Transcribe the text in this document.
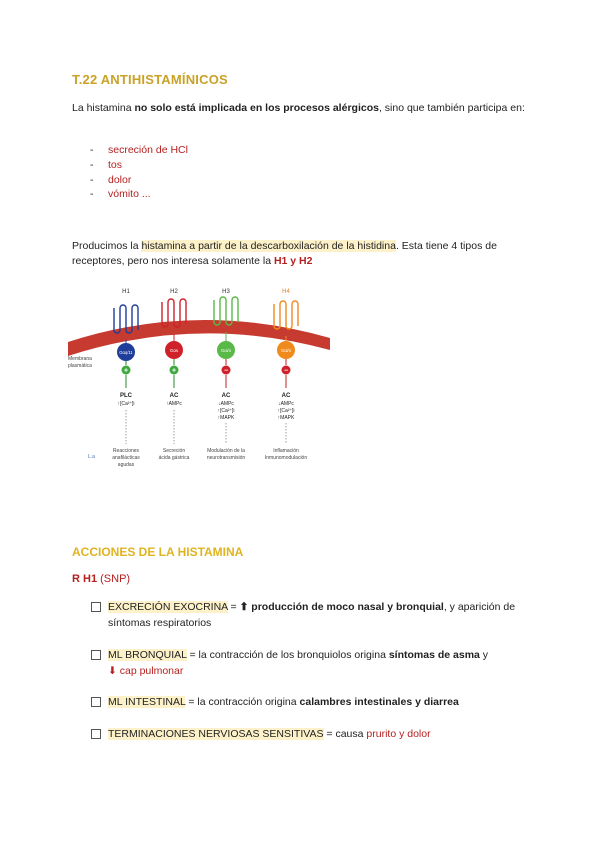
T.22 ANTIHISTAMÍNICOS
La histamina no solo está implicada en los procesos alérgicos, sino que también participa en:
- secreción de HCl
- tos
- dolor
- vómito ...
Producimos la histamina a partir de la descarboxilación de la histidina. Esta tiene 4 tipos de receptores, pero nos interesa solamente la H1 y H2
Membrana
plasmática
L.a
H1
Gαq/11
+
PLC
↑[Ca²⁺]i
Reacciones
anafilácticas
agudas
H2
Gαs
+
AC
↑AMPc
Secreción
ácida gástrica
H3
Gαi/o
−
AC
↓AMPc
↑[Ca²⁺]i
↑MAPK
Modulación de la
neurotransmisión
H4
Gαi/o
−
AC
↓AMPc
↑[Ca²⁺]i
↑MAPK
Inflamación
Inmunomodulación
ACCIONES DE LA HISTAMINA
R H1 (SNP)
EXCRECIÓN EXOCRINA = ⬆ producción de moco nasal y bronquial, y aparición de síntomas respiratorios
ML BRONQUIAL = la contracción de los bronquiolos origina síntomas de asma y
⬇ cap pulmonar
ML INTESTINAL = la contracción origina calambres intestinales y diarrea
TERMINACIONES NERVIOSAS SENSITIVAS = causa prurito y dolor
